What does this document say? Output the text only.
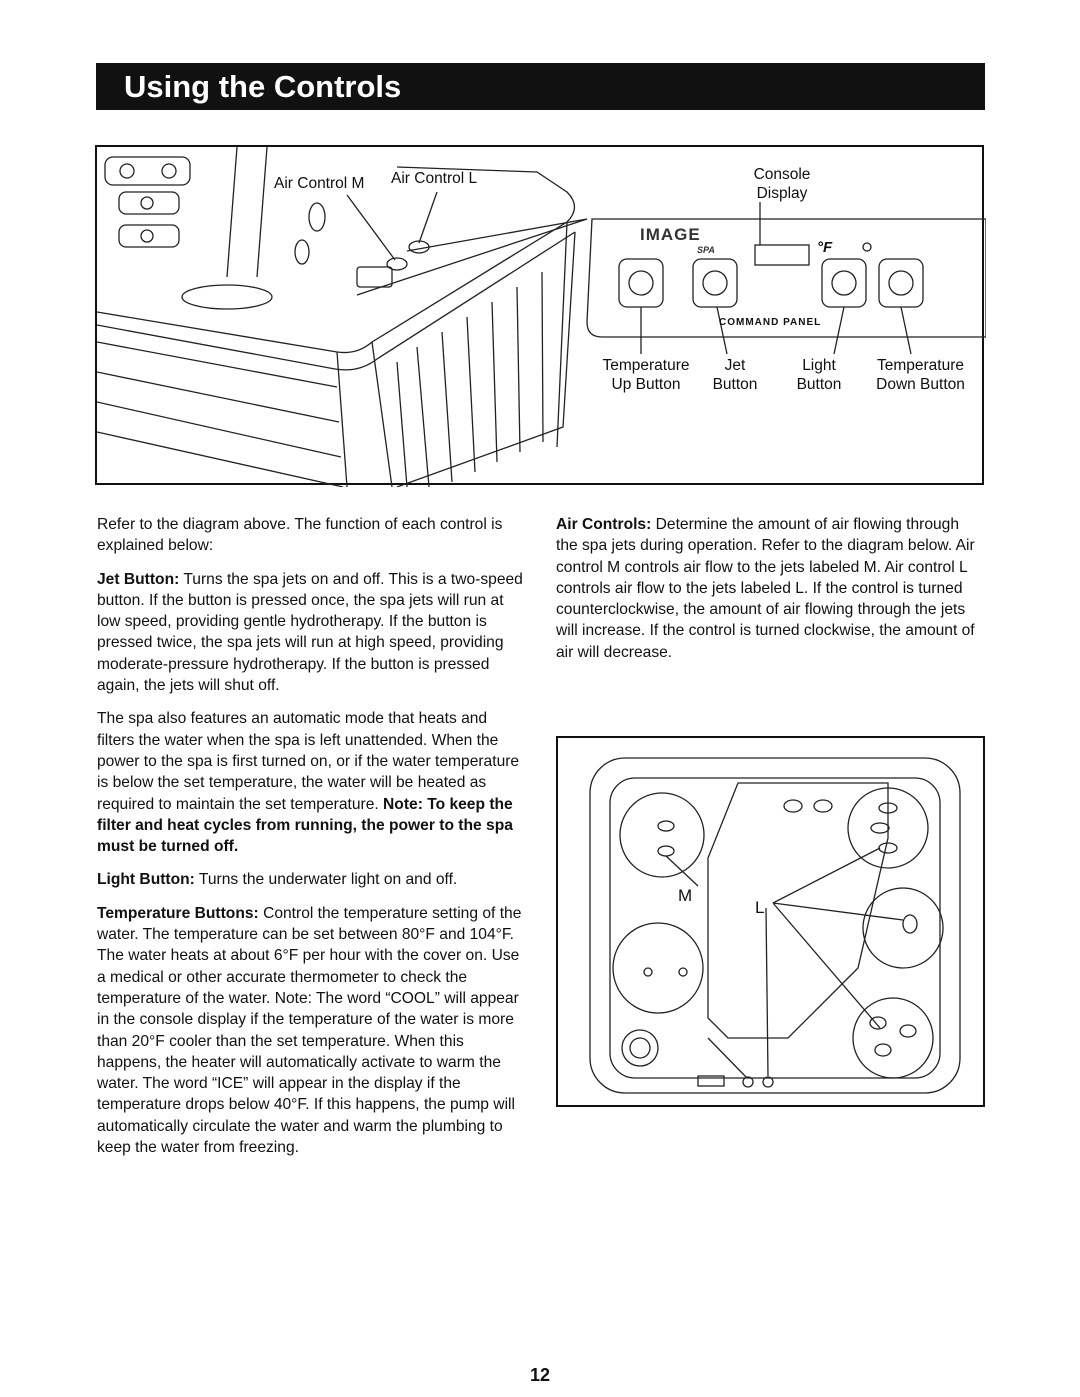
Using the Controls
Air Control M Air Control L	Console
Display
IMAGE
SPA	°F
COMMAND PANEL
Temperature
Up Button
Jet
Button
Light
Button
Temperature
Down Button

Refer to the diagram above. The function of each control is explained below:

Jet Button: Turns the spa jets on and off. This is a two-speed button. If the button is pressed once, the spa jets will run at low speed, providing gentle hydrotherapy. If the button is pressed twice, the spa jets will run at high speed, providing moderate-pressure hydrotherapy. If the button is pressed again, the jets will shut off.

The spa also features an automatic mode that heats and filters the water when the spa is left unattended. When the power to the spa is first turned on, or if the water temperature is below the set temperature, the water will be heated as required to maintain the set temperature. Note: To keep the filter and heat cycles from running, the power to the spa must be turned off.

Light Button: Turns the underwater light on and off.

Temperature Buttons: Control the temperature setting of the water. The temperature can be set between 80°F and 104°F. The water heats at about 6°F per hour with the cover on. Use a medical or other accurate thermometer to check the temperature of the water. Note: The word “COOL” will appear in the console display if the temperature of the water is more than 20°F cooler than the set temperature. When this happens, the heater will automatically activate to warm the water. The word “ICE” will appear in the display if the temperature drops below 40°F. If this happens, the pump will automatically circulate the water and warm the plumbing to keep the water from freezing.

Air Controls: Determine the amount of air flowing through the spa jets during operation. Refer to the diagram below. Air control M controls air flow to the jets labeled M. Air control L controls air flow to the jets labeled L. If the control is turned counterclockwise, the amount of air flowing through the jets will increase. If the control is turned clockwise, the amount of air will decrease.

M
L
12
